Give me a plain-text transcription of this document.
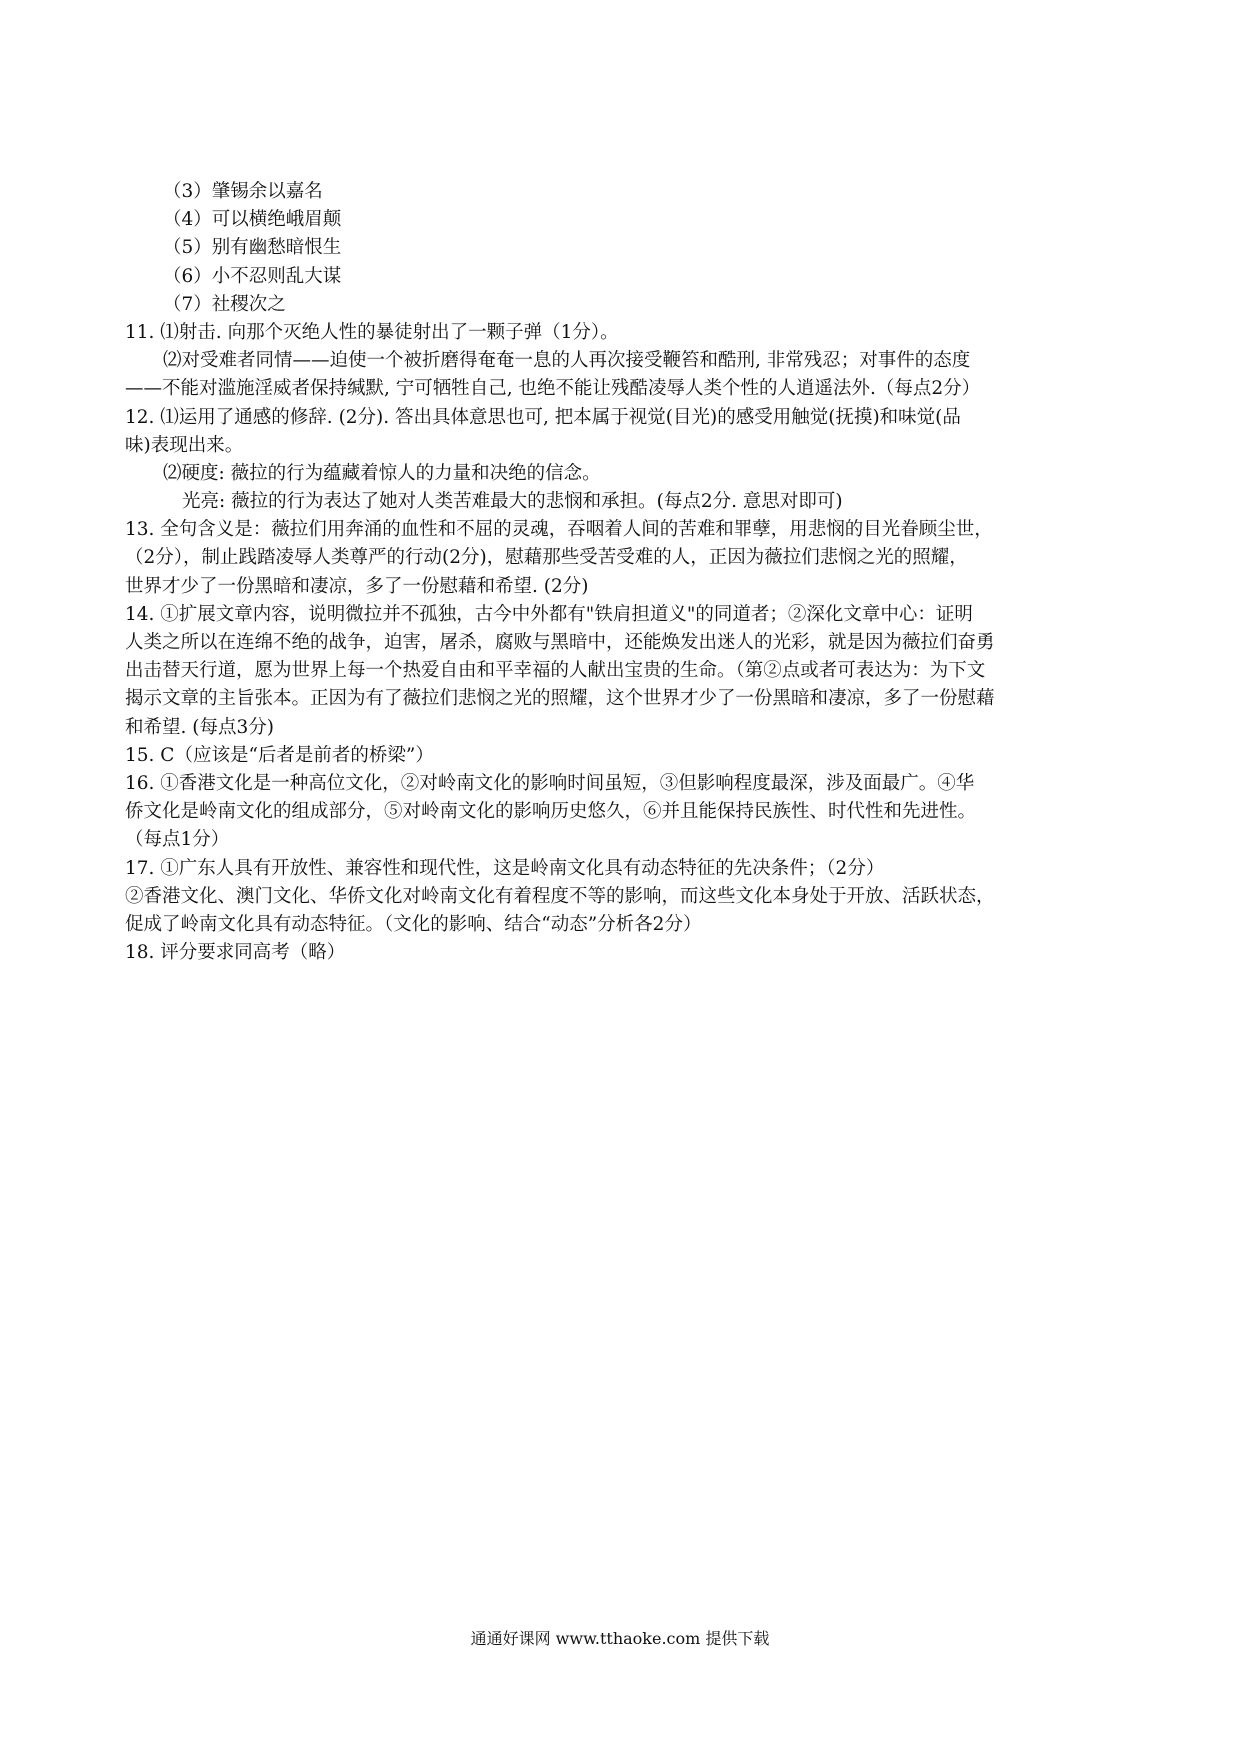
（3）肇锡余以嘉名
（4）可以横绝峨眉颠
（5）别有幽愁暗恨生
（6）小不忍则乱大谋
（7）社稷次之
11. ⑴射击. 向那个灭绝人性的暴徒射出了一颗子弹（1分）。
⑵对受难者同情——迫使一个被折磨得奄奄一息的人再次接受鞭笞和酷刑, 非常残忍；对事件的态度
——不能对滥施淫威者保持缄默, 宁可牺牲自己, 也绝不能让残酷凌辱人类个性的人逍遥法外.（每点2分）
12. ⑴运用了通感的修辞. (2分). 答出具体意思也可, 把本属于视觉(目光)的感受用触觉(抚摸)和味觉(品
味)表现出来。
⑵硬度: 薇拉的行为蕴藏着惊人的力量和决绝的信念。
光亮: 薇拉的行为表达了她对人类苦难最大的悲悯和承担。(每点2分. 意思对即可)
13. 全句含义是：薇拉们用奔涌的血性和不屈的灵魂，吞咽着人间的苦难和罪孽，用悲悯的目光眷顾尘世，
（2分），制止践踏凌辱人类尊严的行动(2分)，慰藉那些受苦受难的人，正因为薇拉们悲悯之光的照耀，
世界才少了一份黑暗和凄凉，多了一份慰藉和希望. (2分)
14. ①扩展文章内容，说明微拉并不孤独，古今中外都有"铁肩担道义"的同道者；②深化文章中心：证明
人类之所以在连绵不绝的战争，迫害，屠杀，腐败与黑暗中，还能焕发出迷人的光彩，就是因为薇拉们奋勇
出击替天行道，愿为世界上每一个热爱自由和平幸福的人献出宝贵的生命。（第②点或者可表达为：为下文
揭示文章的主旨张本。正因为有了薇拉们悲悯之光的照耀，这个世界才少了一份黑暗和凄凉，多了一份慰藉
和希望. (每点3分)
15. C（应该是“后者是前者的桥梁”）
16. ①香港文化是一种高位文化，②对岭南文化的影响时间虽短，③但影响程度最深，涉及面最广。④华
侨文化是岭南文化的组成部分，⑤对岭南文化的影响历史悠久，⑥并且能保持民族性、时代性和先进性。
（每点1分）
17. ①广东人具有开放性、兼容性和现代性，这是岭南文化具有动态特征的先决条件；（2分）
②香港文化、澳门文化、华侨文化对岭南文化有着程度不等的影响，而这些文化本身处于开放、活跃状态，
促成了岭南文化具有动态特征。（文化的影响、结合“动态”分析各2分）
18. 评分要求同高考（略）
通通好课网 www.tthaoke.com 提供下载
